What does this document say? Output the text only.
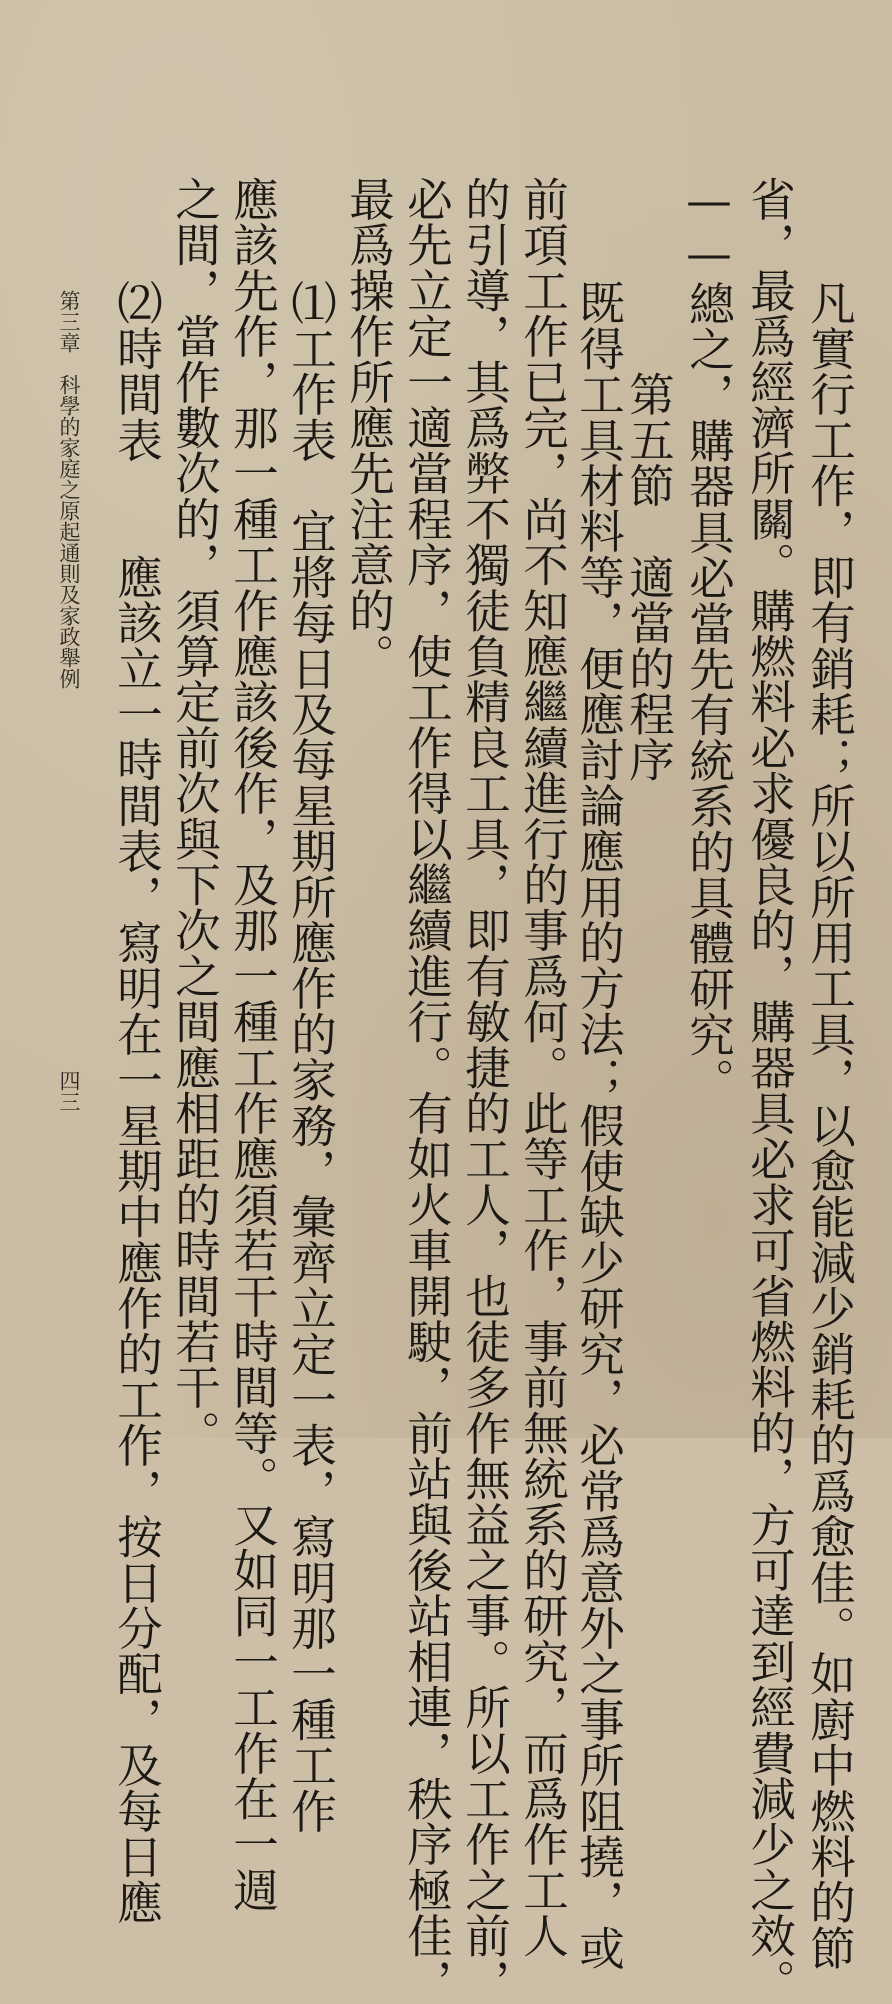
　凡實行工作，即有銷耗；所以所用工具，以愈能減少銷耗的爲愈佳。如廚中燃料的節
省，最爲經濟所關。購燃料必求優良的，購器具必求可省燃料的，方可達到經費減少之效。
——總之，購器具必當先有統系的具體研究。
　　　第五節　適當的程序
　既得工具材料等，便應討論應用的方法；假使缺少研究，必常爲意外之事所阻撓，或
前項工作已完，尚不知應繼續進行的事爲何。此等工作，事前無統系的研究，而爲作工人
的引導，其爲弊不獨徒負精良工具，即有敏捷的工人，也徒多作無益之事。所以工作之前，
必先立定一適當程序，使工作得以繼續進行。有如火車開駛，前站與後站相連，秩序極佳，
最爲操作所應先注意的。
　⑴工作表　宜將每日及每星期所應作的家務，彙齊立定一表，寫明那一種工作
應該先作，那一種工作應該後作，及那一種工作應須若干時間等。又如同一工作在一週
之間，當作數次的，須算定前次與下次之間應相距的時間若干。
　⑵時間表　　應該立一時間表，寫明在一星期中應作的工作，按日分配，及每日應
第三章　科學的家庭之原起通則及家政舉例
四三
